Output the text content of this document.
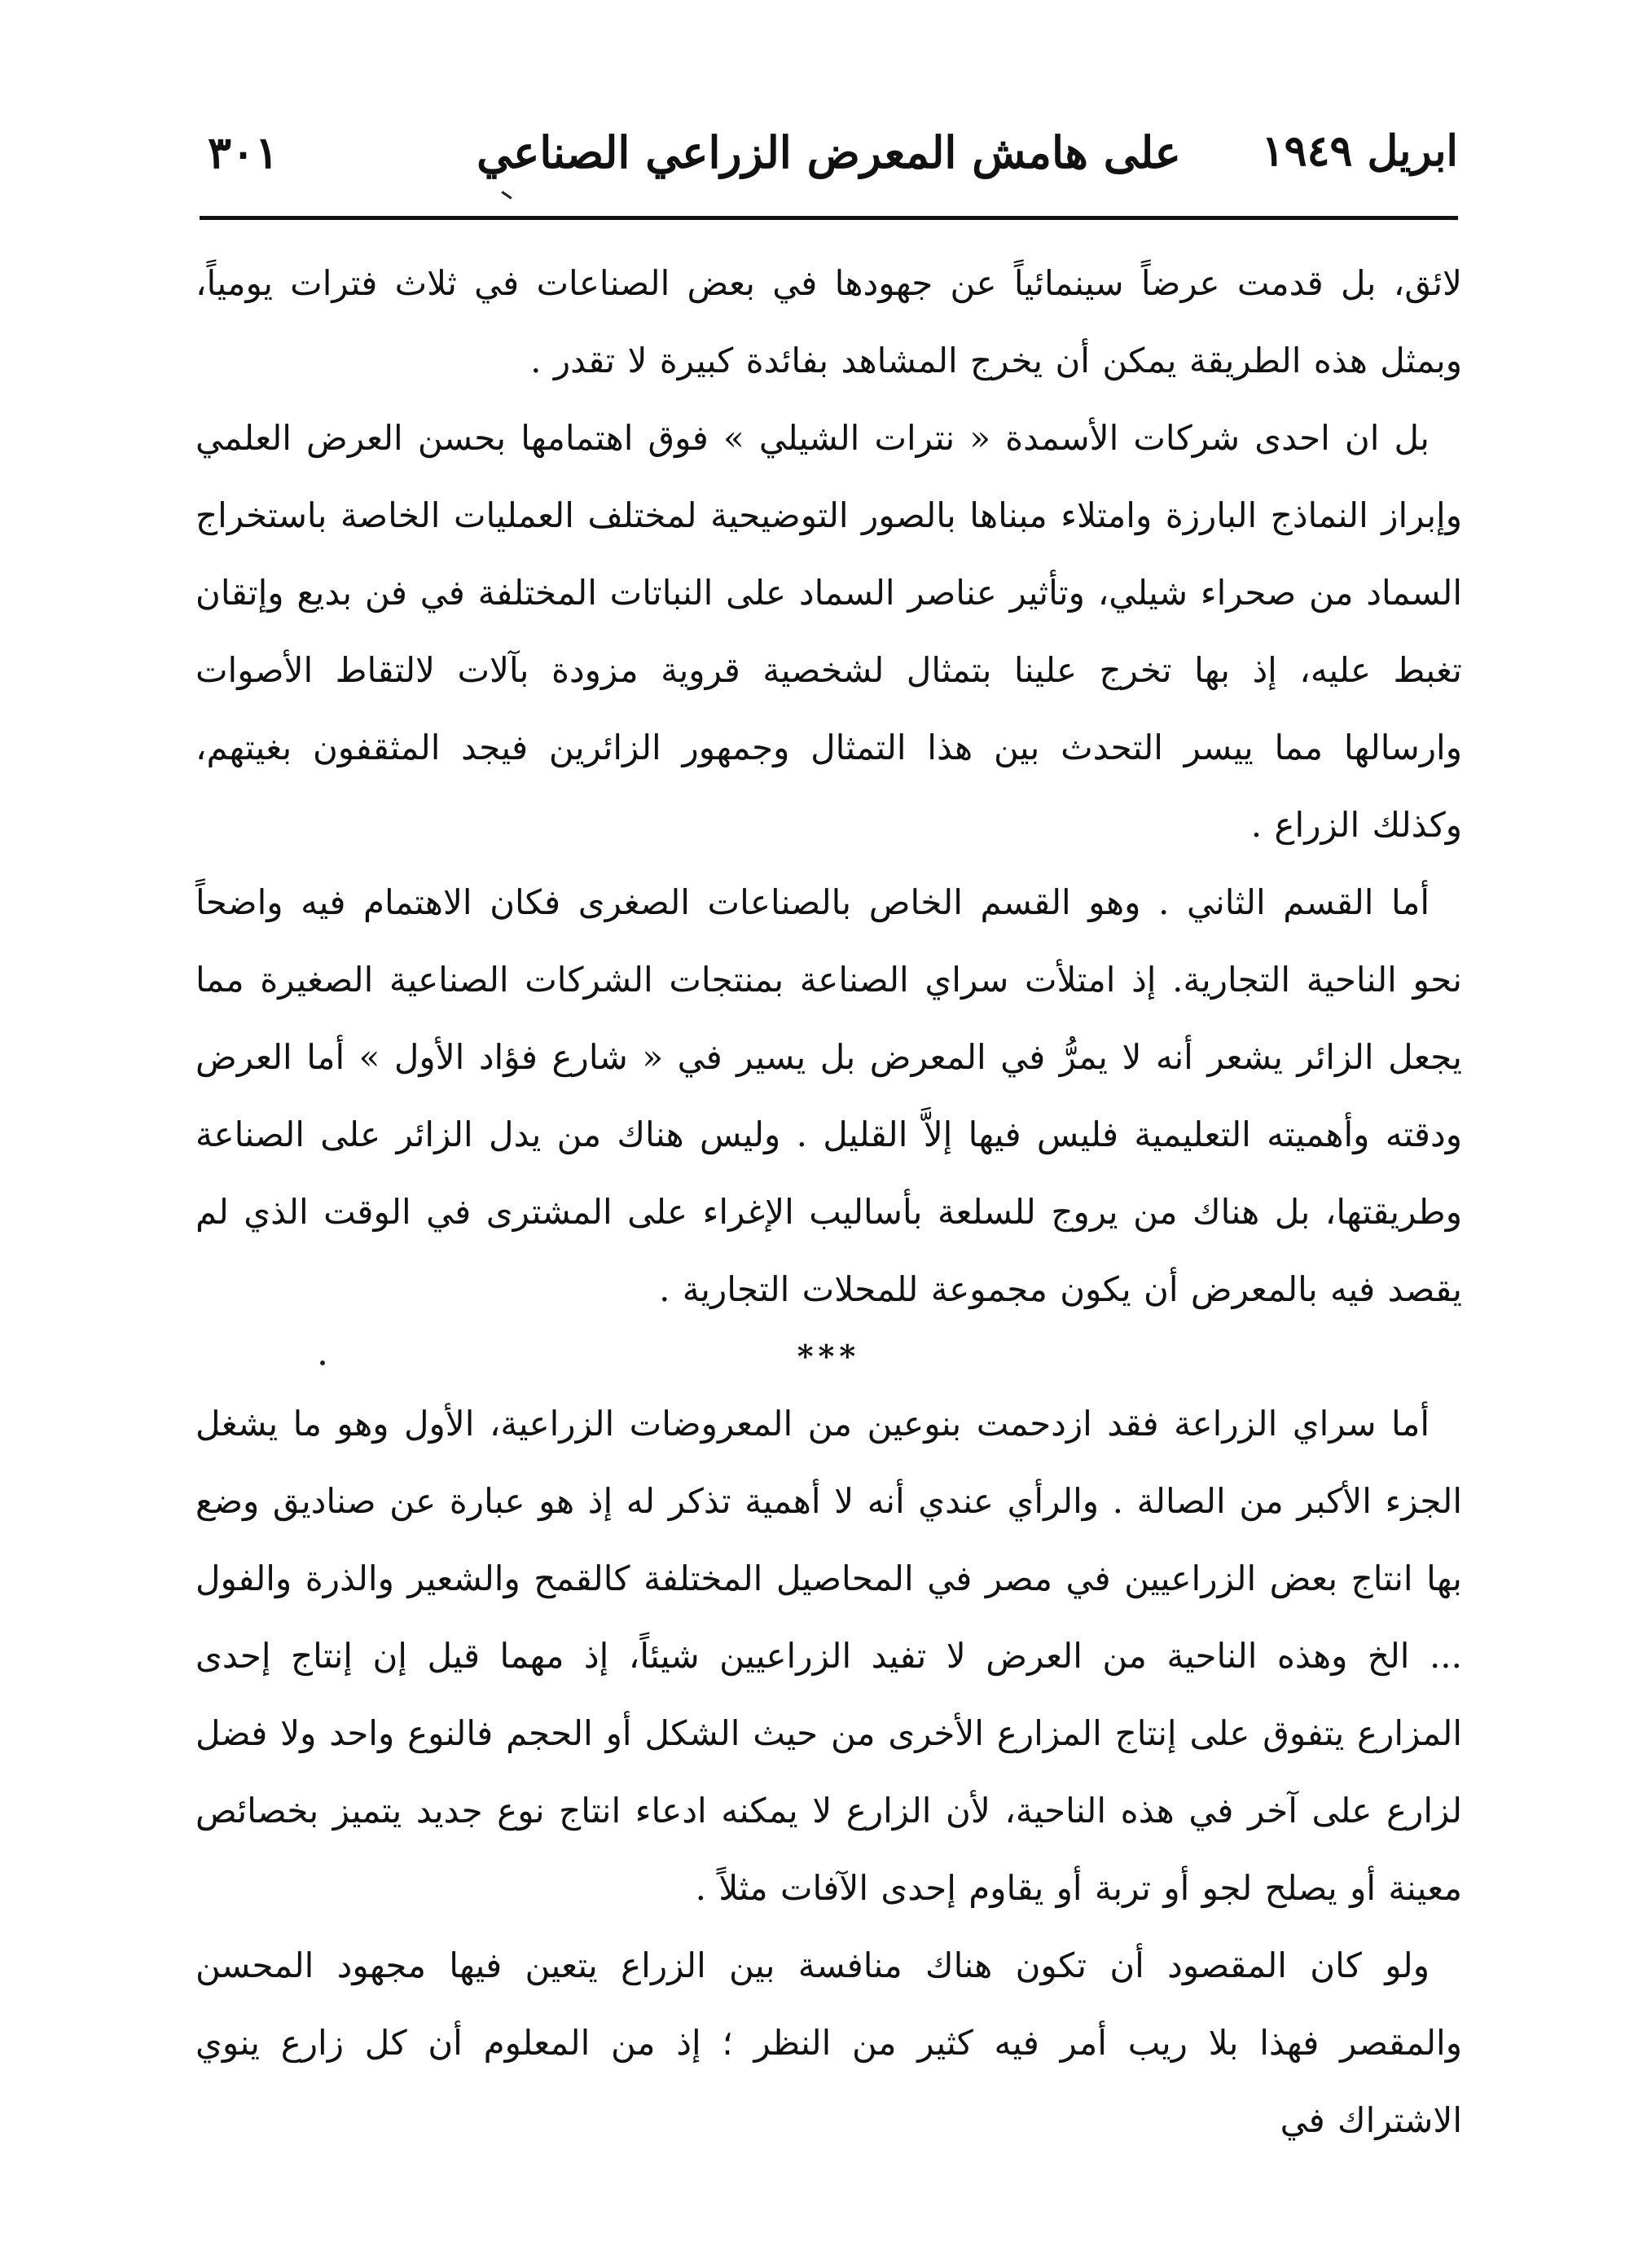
ابريل ١٩٤٩
على هامش المعرض الزراعي الصناعي
٣٠١

لائق، بل قدمت عرضاً سينمائياً عن جهودها في بعض الصناعات في ثلاث فترات يومياً، وبمثل هذه الطريقة يمكن أن يخرج المشاهد بفائدة كبيرة لا تقدر .

بل ان احدى شركات الأسمدة « نترات الشيلي » فوق اهتمامها بحسن العرض العلمي وإبراز النماذج البارزة وامتلاء مبناها بالصور التوضيحية لمختلف العمليات الخاصة باستخراج السماد من صحراء شيلي، وتأثير عناصر السماد على النباتات المختلفة في فن بديع وإتقان تغبط عليه، إذ بها تخرج علينا بتمثال لشخصية قروية مزودة بآلات لالتقاط الأصوات وارسالها مما ييسر التحدث بين هذا التمثال وجمهور الزائرين فيجد المثقفون بغيتهم، وكذلك الزراع .

أما القسم الثاني . وهو القسم الخاص بالصناعات الصغرى فكان الاهتمام فيه واضحاً نحو الناحية التجارية. إذ امتلأت سراي الصناعة بمنتجات الشركات الصناعية الصغيرة مما يجعل الزائر يشعر أنه لا يمرُّ في المعرض بل يسير في « شارع فؤاد الأول » أما العرض ودقته وأهميته التعليمية فليس فيها إلاَّ القليل . وليس هناك من يدل الزائر على الصناعة وطريقتها، بل هناك من يروج للسلعة بأساليب الإغراء على المشترى في الوقت الذي لم يقصد فيه بالمعرض أن يكون مجموعة للمحلات التجارية .

***

أما سراي الزراعة فقد ازدحمت بنوعين من المعروضات الزراعية، الأول وهو ما يشغل الجزء الأكبر من الصالة . والرأي عندي أنه لا أهمية تذكر له إذ هو عبارة عن صناديق وضع بها انتاج بعض الزراعيين في مصر في المحاصيل المختلفة كالقمح والشعير والذرة والفول ... الخ وهذه الناحية من العرض لا تفيد الزراعيين شيئاً، إذ مهما قيل إن إنتاج إحدى المزارع يتفوق على إنتاج المزارع الأخرى من حيث الشكل أو الحجم فالنوع واحد ولا فضل لزارع على آخر في هذه الناحية، لأن الزارع لا يمكنه ادعاء انتاج نوع جديد يتميز بخصائص معينة أو يصلح لجو أو تربة أو يقاوم إحدى الآفات مثلاً .

ولو كان المقصود أن تكون هناك منافسة بين الزراع يتعين فيها مجهود المحسن والمقصر فهذا بلا ريب أمر فيه كثير من النظر ؛ إذ من المعلوم أن كل زارع ينوي الاشتراك في
